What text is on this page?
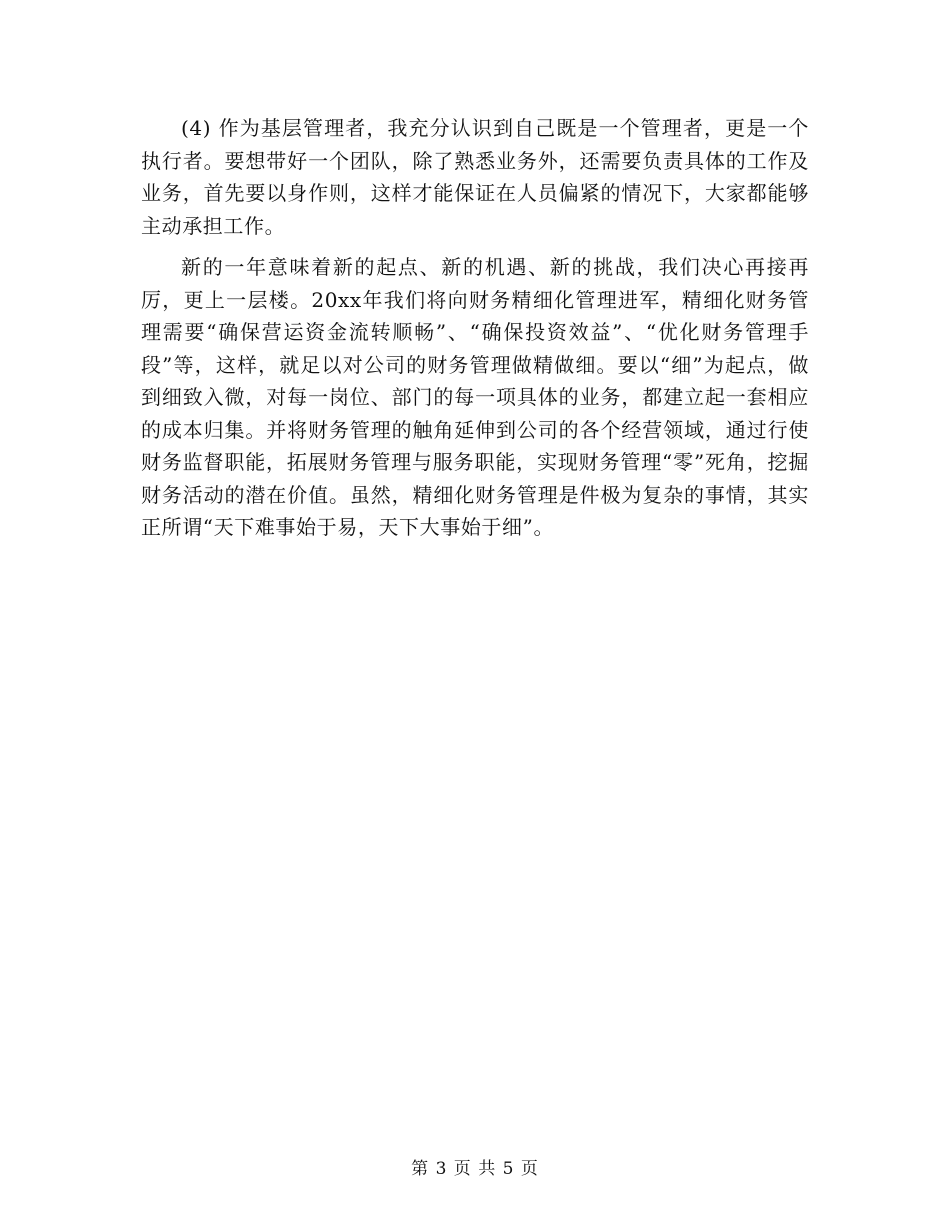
(4) 作为基层管理者，我充分认识到自己既是一个管理者，更是一个执行者。要想带好一个团队，除了熟悉业务外，还需要负责具体的工作及业务，首先要以身作则，这样才能保证在人员偏紧的情况下，大家都能够主动承担工作。

新的一年意味着新的起点、新的机遇、新的挑战，我们决心再接再厉，更上一层楼。20xx年我们将向财务精细化管理进军，精细化财务管理需要“确保营运资金流转顺畅”、“确保投资效益”、“优化财务管理手段”等，这样，就足以对公司的财务管理做精做细。要以“细”为起点，做到细致入微，对每一岗位、部门的每一项具体的业务，都建立起一套相应的成本归集。并将财务管理的触角延伸到公司的各个经营领域，通过行使财务监督职能，拓展财务管理与服务职能，实现财务管理“零”死角，挖掘财务活动的潜在价值。虽然，精细化财务管理是件极为复杂的事情，其实正所谓“天下难事始于易，天下大事始于细”。

第 3 页 共 5 页
